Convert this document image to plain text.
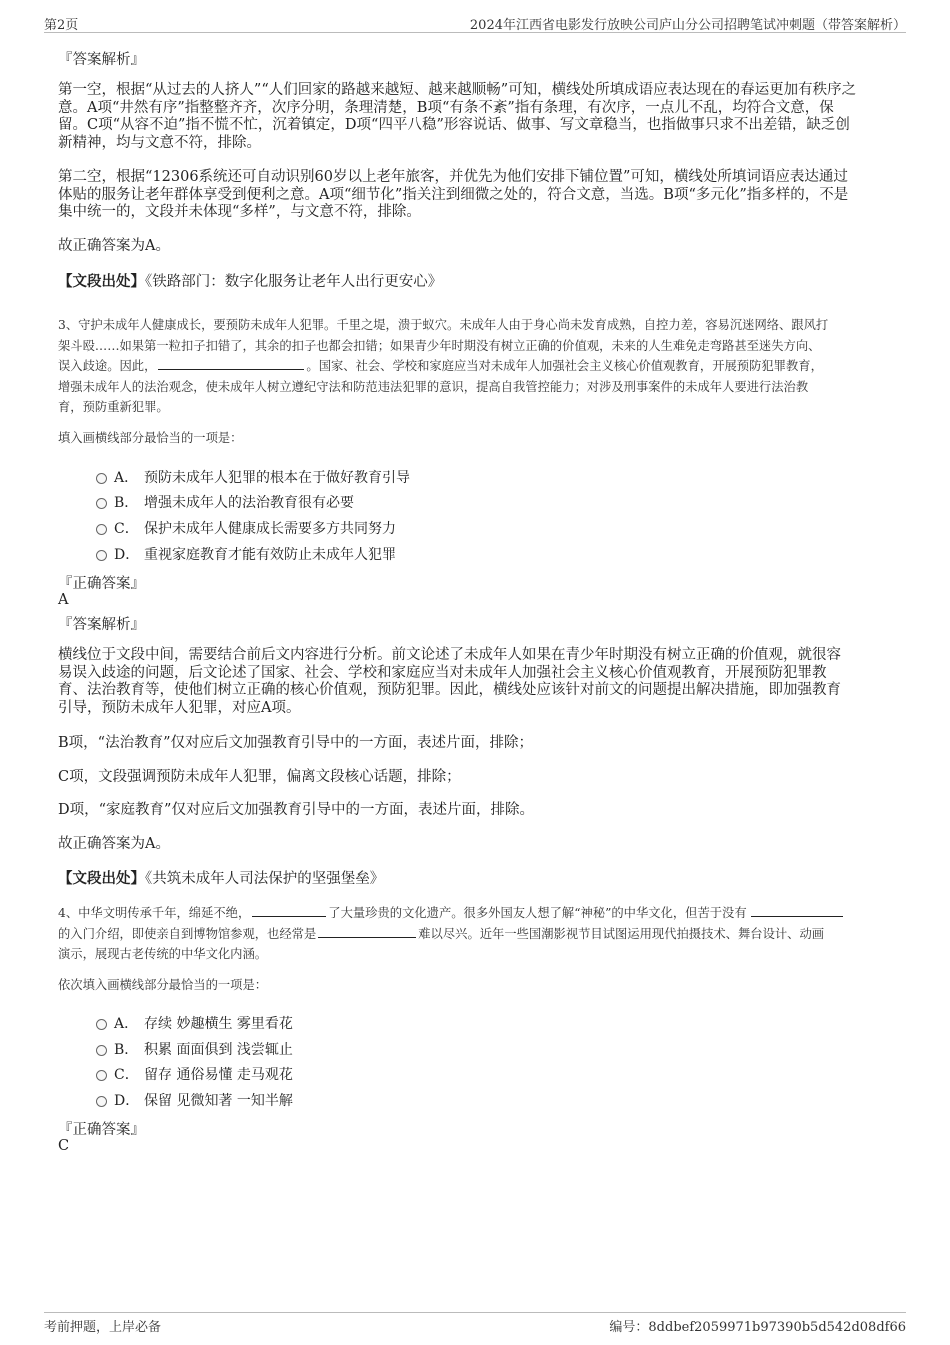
第2页	2024年江西省电影发行放映公司庐山分公司招聘笔试冲刺题（带答案解析）
『答案解析』
第一空，根据“从过去的人挤人”“人们回家的路越来越短、越来越顺畅”可知，横线处所填成语应表达现在的春运更加有秩序之
意。A项“井然有序”指整整齐齐，次序分明，条理清楚，B项“有条不紊”指有条理，有次序，一点儿不乱，均符合文意，保
留。C项“从容不迫”指不慌不忙，沉着镇定，D项“四平八稳”形容说话、做事、写文章稳当，也指做事只求不出差错，缺乏创
新精神，均与文意不符，排除。
第二空，根据“12306系统还可自动识别60岁以上老年旅客，并优先为他们安排下铺位置”可知，横线处所填词语应表达通过
体贴的服务让老年群体享受到便利之意。A项“细节化”指关注到细微之处的，符合文意，当选。B项“多元化”指多样的，不是
集中统一的，文段并未体现“多样”，与文意不符，排除。
故正确答案为A。
【文段出处】《铁路部门：数字化服务让老年人出行更安心》
3、守护未成年人健康成长，要预防未成年人犯罪。千里之堤，溃于蚁穴。未成年人由于身心尚未发育成熟，自控力差，容易沉迷网络、跟风打
架斗殴……如果第一粒扣子扣错了，其余的扣子也都会扣错；如果青少年时期没有树立正确的价值观，未来的人生难免走弯路甚至迷失方向、
误入歧途。因此，	。国家、社会、学校和家庭应当对未成年人加强社会主义核心价值观教育，开展预防犯罪教育，
增强未成年人的法治观念，使未成年人树立遵纪守法和防范违法犯罪的意识，提高自我管控能力；对涉及刑事案件的未成年人要进行法治教
育，预防重新犯罪。
填入画横线部分最恰当的一项是：
A． 预防未成年人犯罪的根本在于做好教育引导
B． 增强未成年人的法治教育很有必要
C． 保护未成年人健康成长需要多方共同努力
D． 重视家庭教育才能有效防止未成年人犯罪
『正确答案』
A
『答案解析』
横线位于文段中间，需要结合前后文内容进行分析。前文论述了未成年人如果在青少年时期没有树立正确的价值观，就很容
易误入歧途的问题，后文论述了国家、社会、学校和家庭应当对未成年人加强社会主义核心价值观教育，开展预防犯罪教
育、法治教育等，使他们树立正确的核心价值观，预防犯罪。因此，横线处应该针对前文的问题提出解决措施，即加强教育
引导，预防未成年人犯罪，对应A项。
B项，“法治教育”仅对应后文加强教育引导中的一方面，表述片面，排除；
C项，文段强调预防未成年人犯罪，偏离文段核心话题，排除；
D项，“家庭教育”仅对应后文加强教育引导中的一方面，表述片面，排除。
故正确答案为A。
【文段出处】《共筑未成年人司法保护的坚强堡垒》
4、中华文明传承千年，绵延不绝，	了大量珍贵的文化遗产。很多外国友人想了解“神秘”的中华文化，但苦于没有
的入门介绍，即使亲自到博物馆参观，也经常是	难以尽兴。近年一些国潮影视节目试图运用现代拍摄技术、舞台设计、动画
演示，展现古老传统的中华文化内涵。
依次填入画横线部分最恰当的一项是：
A． 存续 妙趣横生 雾里看花
B． 积累 面面俱到 浅尝辄止
C． 留存 通俗易懂 走马观花
D． 保留 见微知著 一知半解
『正确答案』
C
考前押题，上岸必备	编号：8ddbef2059971b97390b5d542d08df66
